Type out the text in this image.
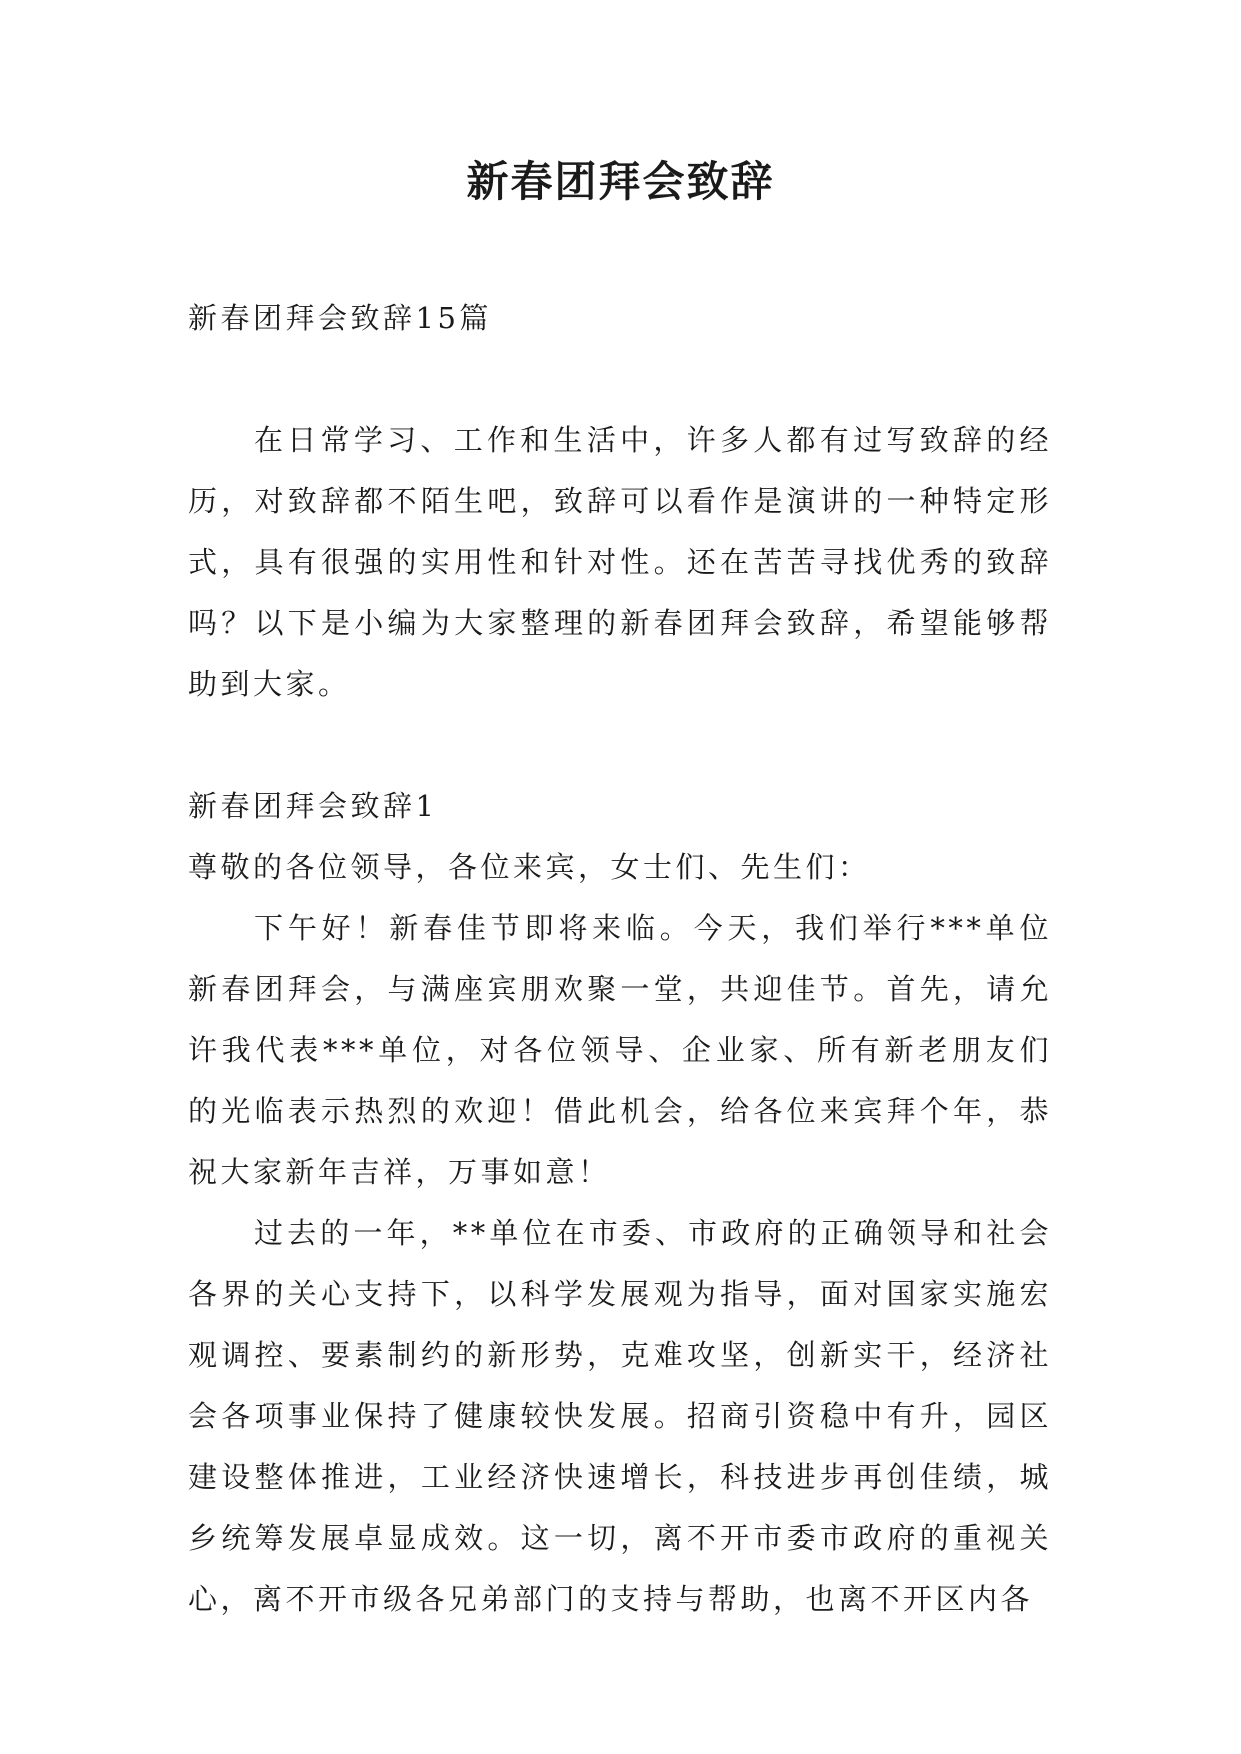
新春团拜会致辞

新春团拜会致辞15篇

在日常学习、工作和生活中，许多人都有过写致辞的经历，对致辞都不陌生吧，致辞可以看作是演讲的一种特定形式，具有很强的实用性和针对性。还在苦苦寻找优秀的致辞吗？以下是小编为大家整理的新春团拜会致辞，希望能够帮助到大家。

新春团拜会致辞1

尊敬的各位领导，各位来宾，女士们、先生们：

下午好！新春佳节即将来临。今天，我们举行***单位新春团拜会，与满座宾朋欢聚一堂，共迎佳节。首先，请允许我代表***单位，对各位领导、企业家、所有新老朋友们的光临表示热烈的欢迎！借此机会，给各位来宾拜个年，恭祝大家新年吉祥，万事如意！

过去的一年，**单位在市委、市政府的正确领导和社会各界的关心支持下，以科学发展观为指导，面对国家实施宏观调控、要素制约的新形势，克难攻坚，创新实干，经济社会各项事业保持了健康较快发展。招商引资稳中有升，园区建设整体推进，工业经济快速增长，科技进步再创佳绩，城乡统筹发展卓显成效。这一切，离不开市委市政府的重视关心，离不开市级各兄弟部门的支持与帮助，也离不开区内各
